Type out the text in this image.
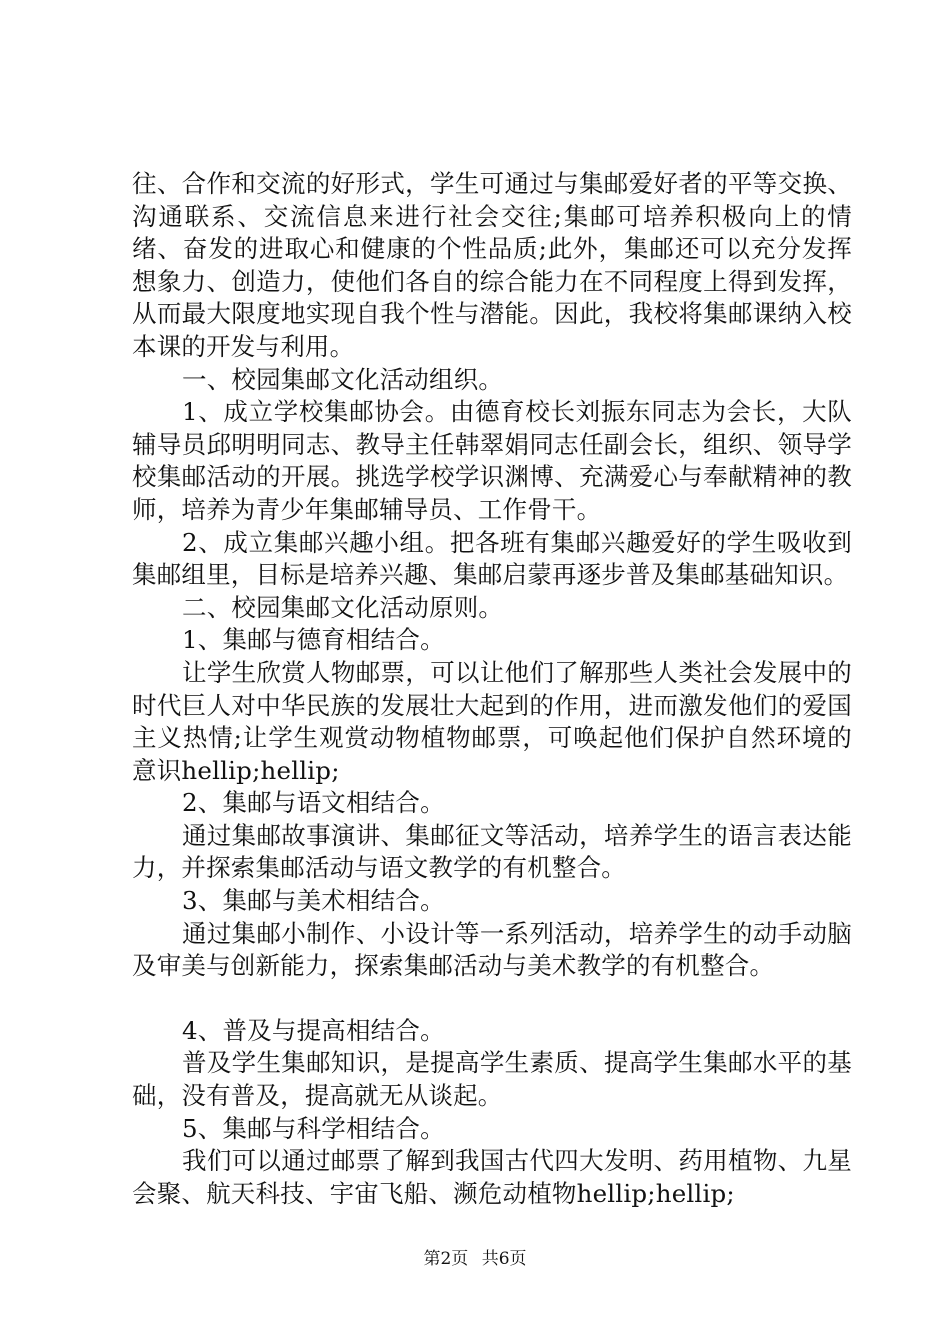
往、合作和交流的好形式，学生可通过与集邮爱好者的平等交换、沟通联系、交流信息来进行社会交往;集邮可培养积极向上的情绪、奋发的进取心和健康的个性品质;此外，集邮还可以充分发挥想象力、创造力，使他们各自的综合能力在不同程度上得到发挥，从而最大限度地实现自我个性与潜能。因此，我校将集邮课纳入校本课的开发与利用。

一、校园集邮文化活动组织。

1、成立学校集邮协会。由德育校长刘振东同志为会长，大队辅导员邱明明同志、教导主任韩翠娟同志任副会长，组织、领导学校集邮活动的开展。挑选学校学识渊博、充满爱心与奉献精神的教师，培养为青少年集邮辅导员、工作骨干。

2、成立集邮兴趣小组。把各班有集邮兴趣爱好的学生吸收到集邮组里，目标是培养兴趣、集邮启蒙再逐步普及集邮基础知识。

二、校园集邮文化活动原则。

1、集邮与德育相结合。

让学生欣赏人物邮票，可以让他们了解那些人类社会发展中的时代巨人对中华民族的发展壮大起到的作用，进而激发他们的爱国主义热情;让学生观赏动物植物邮票，可唤起他们保护自然环境的意识hellip;hellip;

2、集邮与语文相结合。

通过集邮故事演讲、集邮征文等活动，培养学生的语言表达能力，并探索集邮活动与语文教学的有机整合。

3、集邮与美术相结合。

通过集邮小制作、小设计等一系列活动，培养学生的动手动脑及审美与创新能力，探索集邮活动与美术教学的有机整合。

4、普及与提高相结合。

普及学生集邮知识，是提高学生素质、提高学生集邮水平的基础，没有普及，提高就无从谈起。

5、集邮与科学相结合。

我们可以通过邮票了解到我国古代四大发明、药用植物、九星会聚、航天科技、宇宙飞船、濒危动植物hellip;hellip;

第2页 共6页
